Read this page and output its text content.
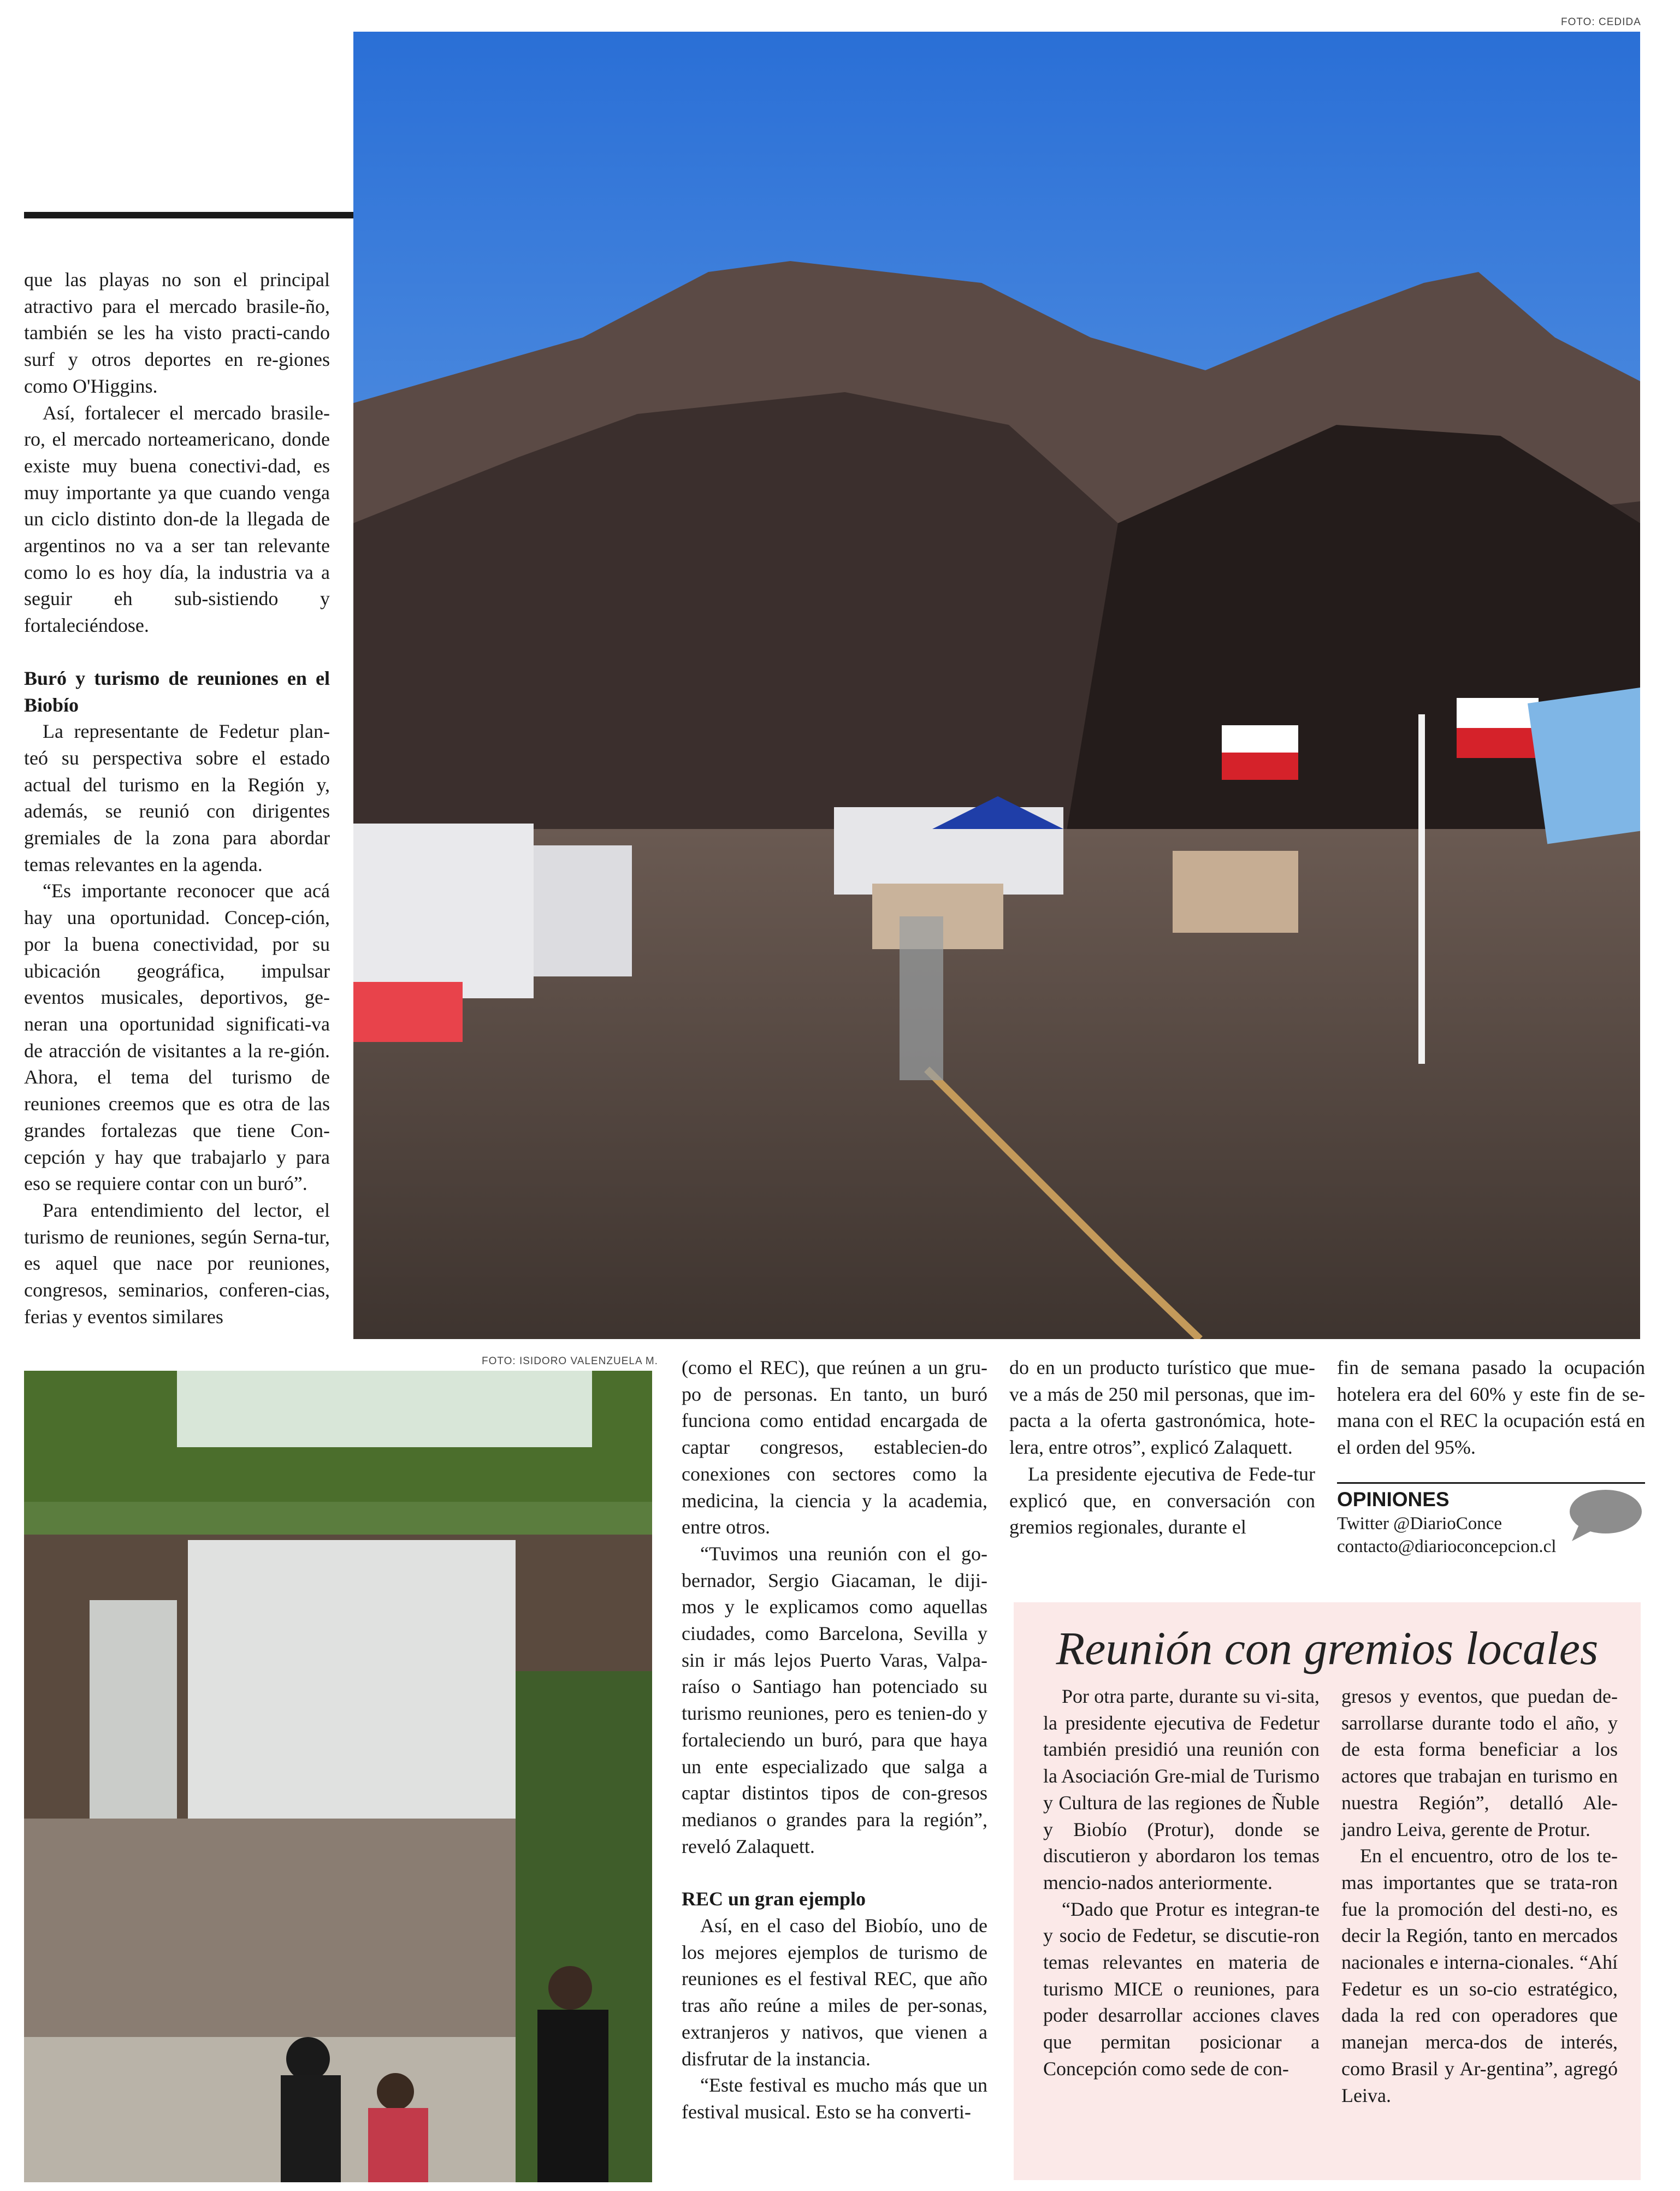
FOTO: CEDIDA

que las playas no son el principal atractivo para el mercado brasile-ño, también se les ha visto practi-cando surf y otros deportes en re-giones como O'Higgins.

Así, fortalecer el mercado brasile-ro, el mercado norteamericano, donde existe muy buena conectivi-dad, es muy importante ya que cuando venga un ciclo distinto don-de la llegada de argentinos no va a ser tan relevante como lo es hoy día, la industria va a seguir eh sub-sistiendo y fortaleciéndose.

Buró y turismo de reuniones en el Biobío

La representante de Fedetur plan-teó su perspectiva sobre el estado actual del turismo en la Región y, además, se reunió con dirigentes gremiales de la zona para abordar temas relevantes en la agenda.

“Es importante reconocer que acá hay una oportunidad. Concep-ción, por la buena conectividad, por su ubicación geográfica, impulsar eventos musicales, deportivos, ge-neran una oportunidad significati-va de atracción de visitantes a la re-gión. Ahora, el tema del turismo de reuniones creemos que es otra de las grandes fortalezas que tiene Con-cepción y hay que trabajarlo y para eso se requiere contar con un buró”.

Para entendimiento del lector, el turismo de reuniones, según Serna-tur, es aquel que nace por reuniones, congresos, seminarios, conferen-cias, ferias y eventos similares

FOTO: ISIDORO VALENZUELA M. (como el REC), que reúnen a un gru-po de personas. En tanto, un buró funciona como entidad encargada de captar congresos, establecien-do conexiones con sectores como la medicina, la ciencia y la academia, entre otros.

“Tuvimos una reunión con el go-bernador, Sergio Giacaman, le diji-mos y le explicamos como aquellas ciudades, como Barcelona, Sevilla y sin ir más lejos Puerto Varas, Valpa-raíso o Santiago han potenciado su turismo reuniones, pero es tenien-do y fortaleciendo un buró, para que haya un ente especializado que salga a captar distintos tipos de con-gresos medianos o grandes para la región”, reveló Zalaquett.

REC un gran ejemplo

Así, en el caso del Biobío, uno de los mejores ejemplos de turismo de reuniones es el festival REC, que año tras año reúne a miles de per-sonas, extranjeros y nativos, que vienen a disfrutar de la instancia.

“Este festival es mucho más que un festival musical. Esto se ha converti-

do en un producto turístico que mue-ve a más de 250 mil personas, que im-pacta a la oferta gastronómica, hote-lera, entre otros”, explicó Zalaquett.

La presidente ejecutiva de Fede-tur explicó que, en conversación con gremios regionales, durante el

fin de semana pasado la ocupación hotelera era del 60% y este fin de se-mana con el REC la ocupación está en el orden del 95%.

OPINIONES
Twitter @DiarioConce
contacto@diarioconcepcion.cl
Reunión con gremios locales

Por otra parte, durante su vi-sita, la presidente ejecutiva de Fedetur también presidió una reunión con la Asociación Gre-mial de Turismo y Cultura de las regiones de Ñuble y Biobío (Protur), donde se discutieron y abordaron los temas mencio-nados anteriormente.

“Dado que Protur es integran-te y socio de Fedetur, se discutie-ron temas relevantes en materia de turismo MICE o reuniones, para poder desarrollar acciones claves que permitan posicionar a Concepción como sede de con-

gresos y eventos, que puedan de-sarrollarse durante todo el año, y de esta forma beneficiar a los actores que trabajan en turismo en nuestra Región”, detalló Ale-jandro Leiva, gerente de Protur.

En el encuentro, otro de los te-mas importantes que se trata-ron fue la promoción del desti-no, es decir la Región, tanto en mercados nacionales e interna-cionales. “Ahí Fedetur es un so-cio estratégico, dada la red con operadores que manejan merca-dos de interés, como Brasil y Ar-gentina”, agregó Leiva.
